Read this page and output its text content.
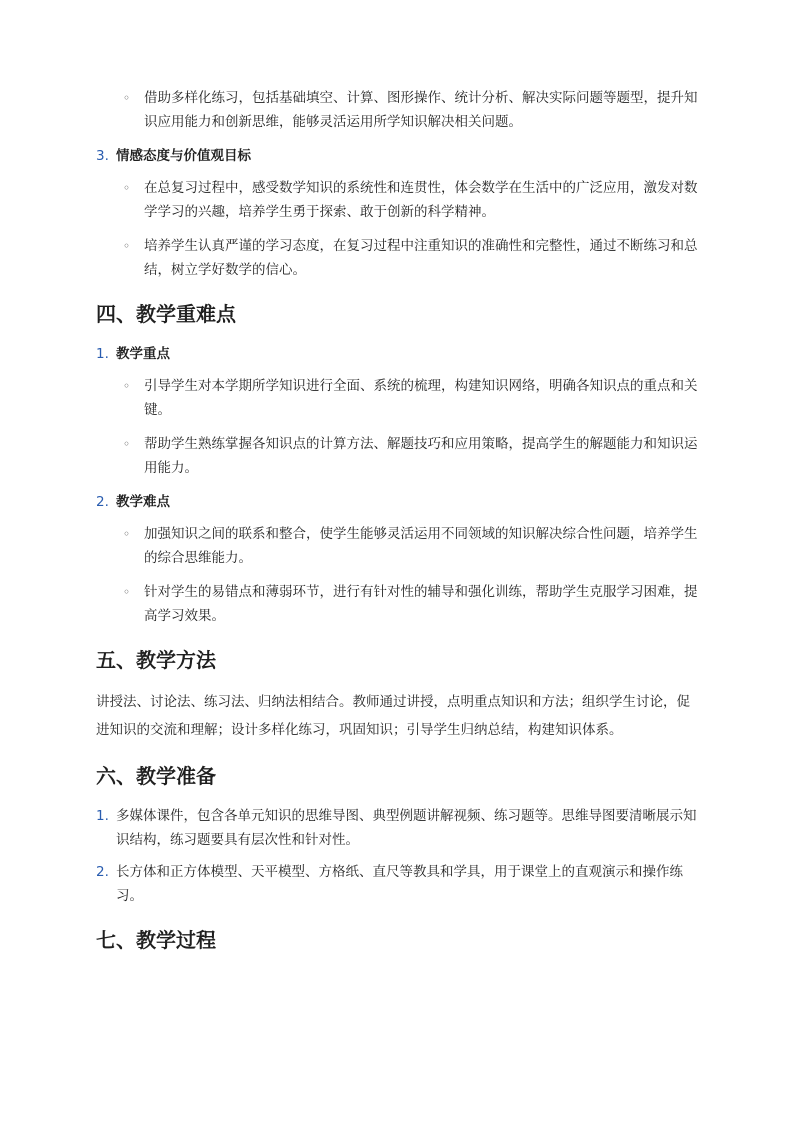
◦ 借助多样化练习，包括基础填空、计算、图形操作、统计分析、解决实际问题等题型，提升知识应用能力和创新思维，能够灵活运用所学知识解决相关问题。
3. 情感态度与价值观目标
◦ 在总复习过程中，感受数学知识的系统性和连贯性，体会数学在生活中的广泛应用，激发对数学学习的兴趣，培养学生勇于探索、敢于创新的科学精神。
◦ 培养学生认真严谨的学习态度，在复习过程中注重知识的准确性和完整性，通过不断练习和总结，树立学好数学的信心。
四、教学重难点
1. 教学重点
◦ 引导学生对本学期所学知识进行全面、系统的梳理，构建知识网络，明确各知识点的重点和关键。
◦ 帮助学生熟练掌握各知识点的计算方法、解题技巧和应用策略，提高学生的解题能力和知识运用能力。
2. 教学难点
◦ 加强知识之间的联系和整合，使学生能够灵活运用不同领域的知识解决综合性问题，培养学生的综合思维能力。
◦ 针对学生的易错点和薄弱环节，进行有针对性的辅导和强化训练，帮助学生克服学习困难，提高学习效果。
五、教学方法

讲授法、讨论法、练习法、归纳法相结合。教师通过讲授，点明重点知识和方法；组织学生讨论，促进知识的交流和理解；设计多样化练习，巩固知识；引导学生归纳总结，构建知识体系。

六、教学准备
1. 多媒体课件，包含各单元知识的思维导图、典型例题讲解视频、练习题等。思维导图要清晰展示知识结构，练习题要具有层次性和针对性。
2. 长方体和正方体模型、天平模型、方格纸、直尺等教具和学具，用于课堂上的直观演示和操作练习。
七、教学过程
